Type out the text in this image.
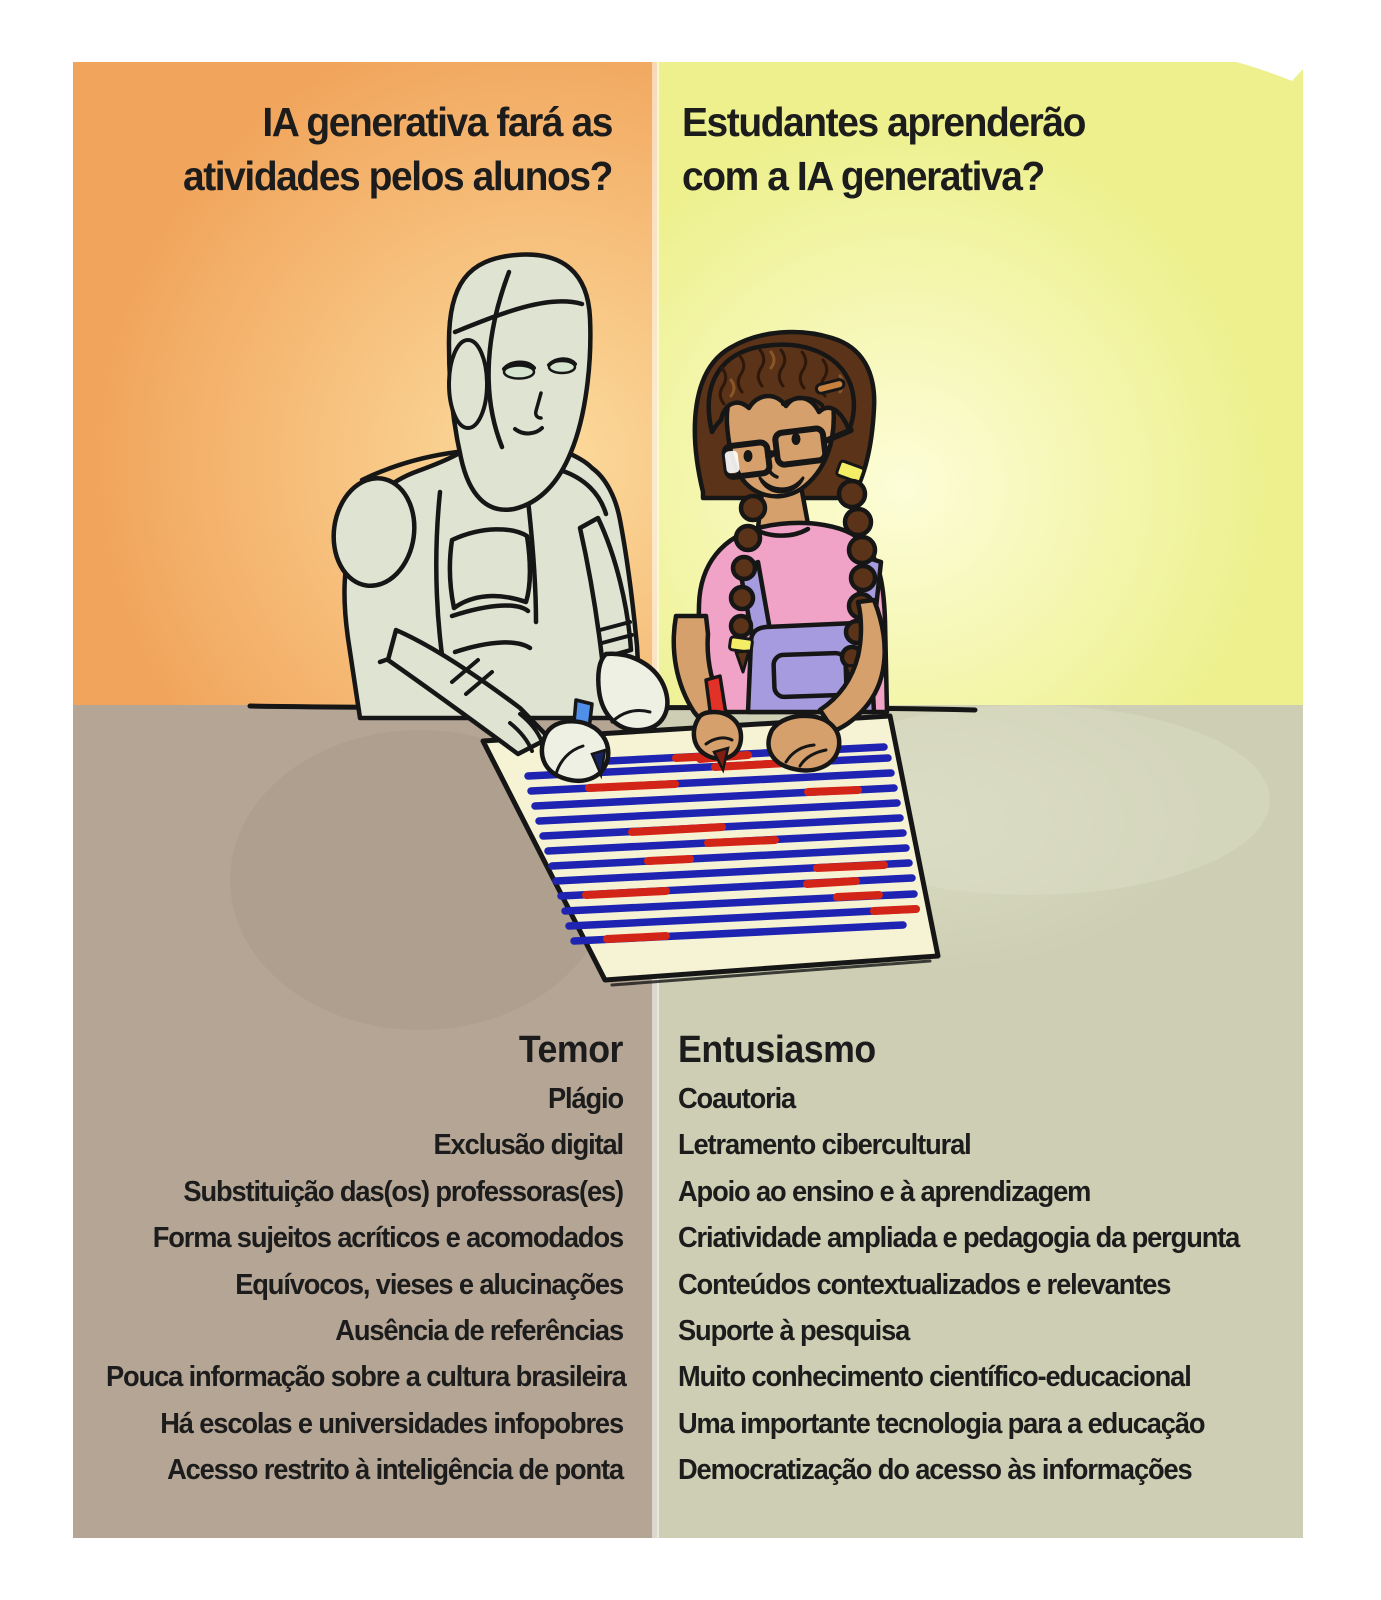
IA generativa fará as
atividades pelos alunos?
Estudantes aprenderão
com a IA generativa?
Temor
Plágio
Exclusão digital
Substituição das(os) professoras(es)
Forma sujeitos acríticos e acomodados
Equívocos, vieses e alucinações
Ausência de referências
Pouca informação sobre a cultura brasileira
Há escolas e universidades infopobres
Acesso restrito à inteligência de ponta
Entusiasmo
Coautoria
Letramento cibercultural
Apoio ao ensino e à aprendizagem
Criatividade ampliada e pedagogia da pergunta
Conteúdos contextualizados e relevantes
Suporte à pesquisa
Muito conhecimento científico-educacional
Uma importante tecnologia para a educação
Democratização do acesso às informações
